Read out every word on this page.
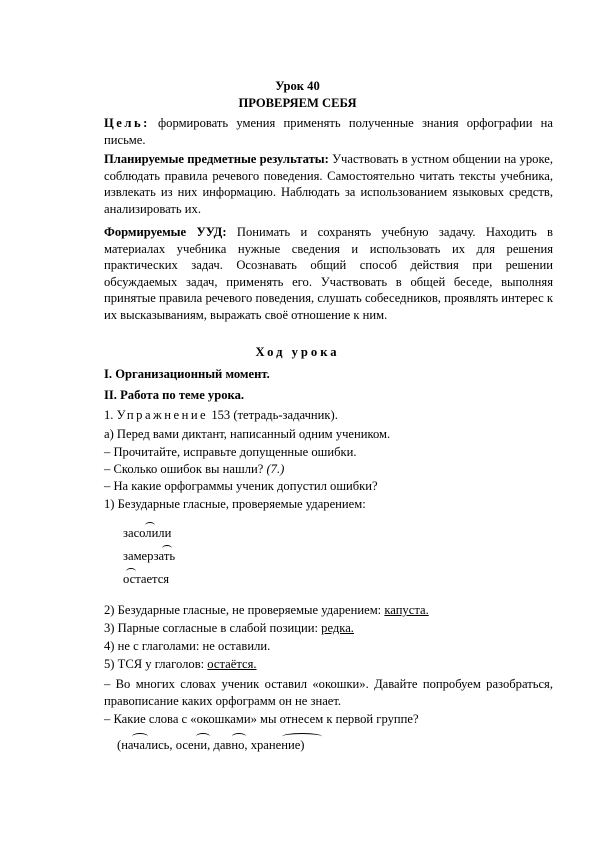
Урок 40

ПРОВЕРЯЕМ СЕБЯ

Цель: формировать умения применять полученные знания орфографии на письме.

Планируемые предметные результаты: Участвовать в устном общении на уроке, соблюдать правила речевого поведения. Самостоятельно читать тексты учебника, извлекать из них информацию. Наблюдать за использованием языковых средств, анализировать их.

Формируемые УУД: Понимать и сохранять учебную задачу. Находить в материалах учебника нужные сведения и использовать их для решения практических задач. Осознавать общий способ действия при решении обсуждаемых задач, применять его. Участвовать в общей беседе, выполняя принятые правила речевого поведения, слушать собеседников, проявлять интерес к их высказываниям, выражать своё отношение к ним.

Ход урока

I. Организационный момент.

II. Работа по теме урока.

1. Упражнение 153 (тетрадь-задачник).

а) Перед вами диктант, написанный одним учеником.

– Прочитайте, исправьте допущенные ошибки.

– Сколько ошибок вы нашли? (7.)

– На какие орфограммы ученик допустил ошибки?

1) Безударные гласные, проверяемые ударением:

засолили
замерзать
остается

2) Безударные гласные, не проверяемые ударением: капуста.

3) Парные согласные в слабой позиции: редка.

4) не с глаголами: не оставили.

5) ТСЯ у глаголов: остаётся.

– Во многих словах ученик оставил «окошки». Давайте попробуем разобраться, правописание каких орфограмм он не знает.

– Какие слова с «окошками» мы отнесем к первой группе?

(начались, осени, давно, хранение)
